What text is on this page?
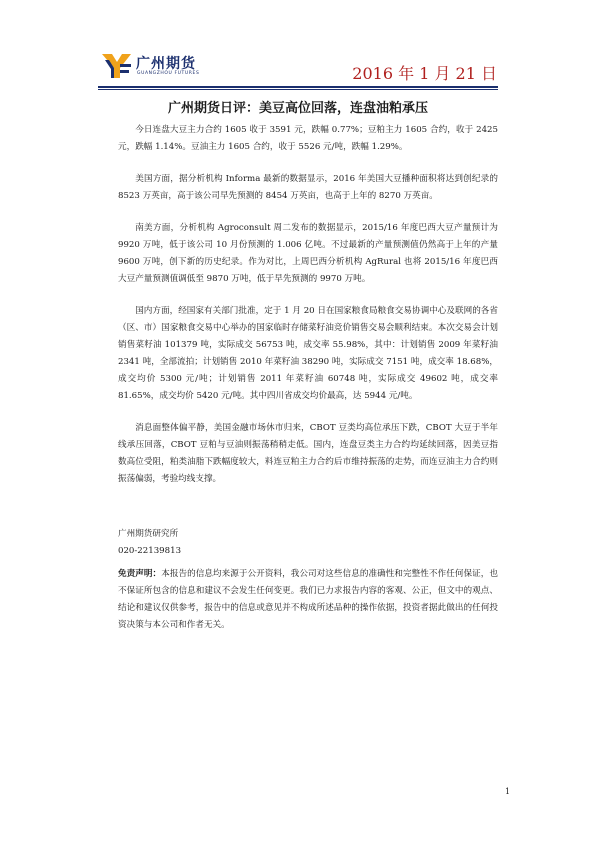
广州期货
GUANGZHOU FUTURES	2016 年 1 月 21 日
广州期货日评：美豆高位回落，连盘油粕承压

今日连盘大豆主力合约 1605 收于 3591 元，跌幅 0.77%；豆粕主力 1605 合约，收于 2425 元，跌幅 1.14%。豆油主力 1605 合约，收于 5526 元/吨，跌幅 1.29%。

美国方面，据分析机构 Informa 最新的数据显示，2016 年美国大豆播种面积将达到创纪录的 8523 万英亩，高于该公司早先预测的 8454 万英亩，也高于上年的 8270 万英亩。

南美方面，分析机构 Agroconsult 周二发布的数据显示，2015/16 年度巴西大豆产量预计为 9920 万吨，低于该公司 10 月份预测的 1.006 亿吨。不过最新的产量预测值仍然高于上年的产量 9600 万吨，创下新的历史纪录。作为对比，上周巴西分析机构 AgRural 也将 2015/16 年度巴西大豆产量预测值调低至 9870 万吨，低于早先预测的 9970 万吨。

国内方面，经国家有关部门批准，定于 1 月 20 日在国家粮食局粮食交易协调中心及联网的各省（区、市）国家粮食交易中心举办的国家临时存储菜籽油竞价销售交易会顺利结束。本次交易会计划销售菜籽油 101379 吨，实际成交 56753 吨，成交率 55.98%，其中：计划销售 2009 年菜籽油 2341 吨，全部流拍；计划销售 2010 年菜籽油 38290 吨，实际成交 7151 吨，成交率 18.68%，成交均价 5300 元/吨；计划销售 2011 年菜籽油 60748 吨，实际成交 49602 吨，成交率 81.65%，成交均价 5420 元/吨。其中四川省成交均价最高，达 5944 元/吨。

消息面整体偏平静，美国金融市场休市归来，CBOT 豆类均高位承压下跌，CBOT 大豆于半年线承压回落，CBOT 豆粕与豆油则振荡稍稍走低。国内，连盘豆类主力合约均延续回落，因美豆指数高位受阻，粕类油脂下跌幅度较大，料连豆粕主力合约后市维持振荡的走势，而连豆油主力合约则振荡偏弱，考验均线支撑。

广州期货研究所
020-22139813
免责声明：本报告的信息均来源于公开资料，我公司对这些信息的准确性和完整性不作任何保证，也不保证所包含的信息和建议不会发生任何变更。我们已力求报告内容的客观、公正，但文中的观点、结论和建议仅供参考，报告中的信息或意见并不构成所述品种的操作依据，投资者据此做出的任何投资决策与本公司和作者无关。
1
